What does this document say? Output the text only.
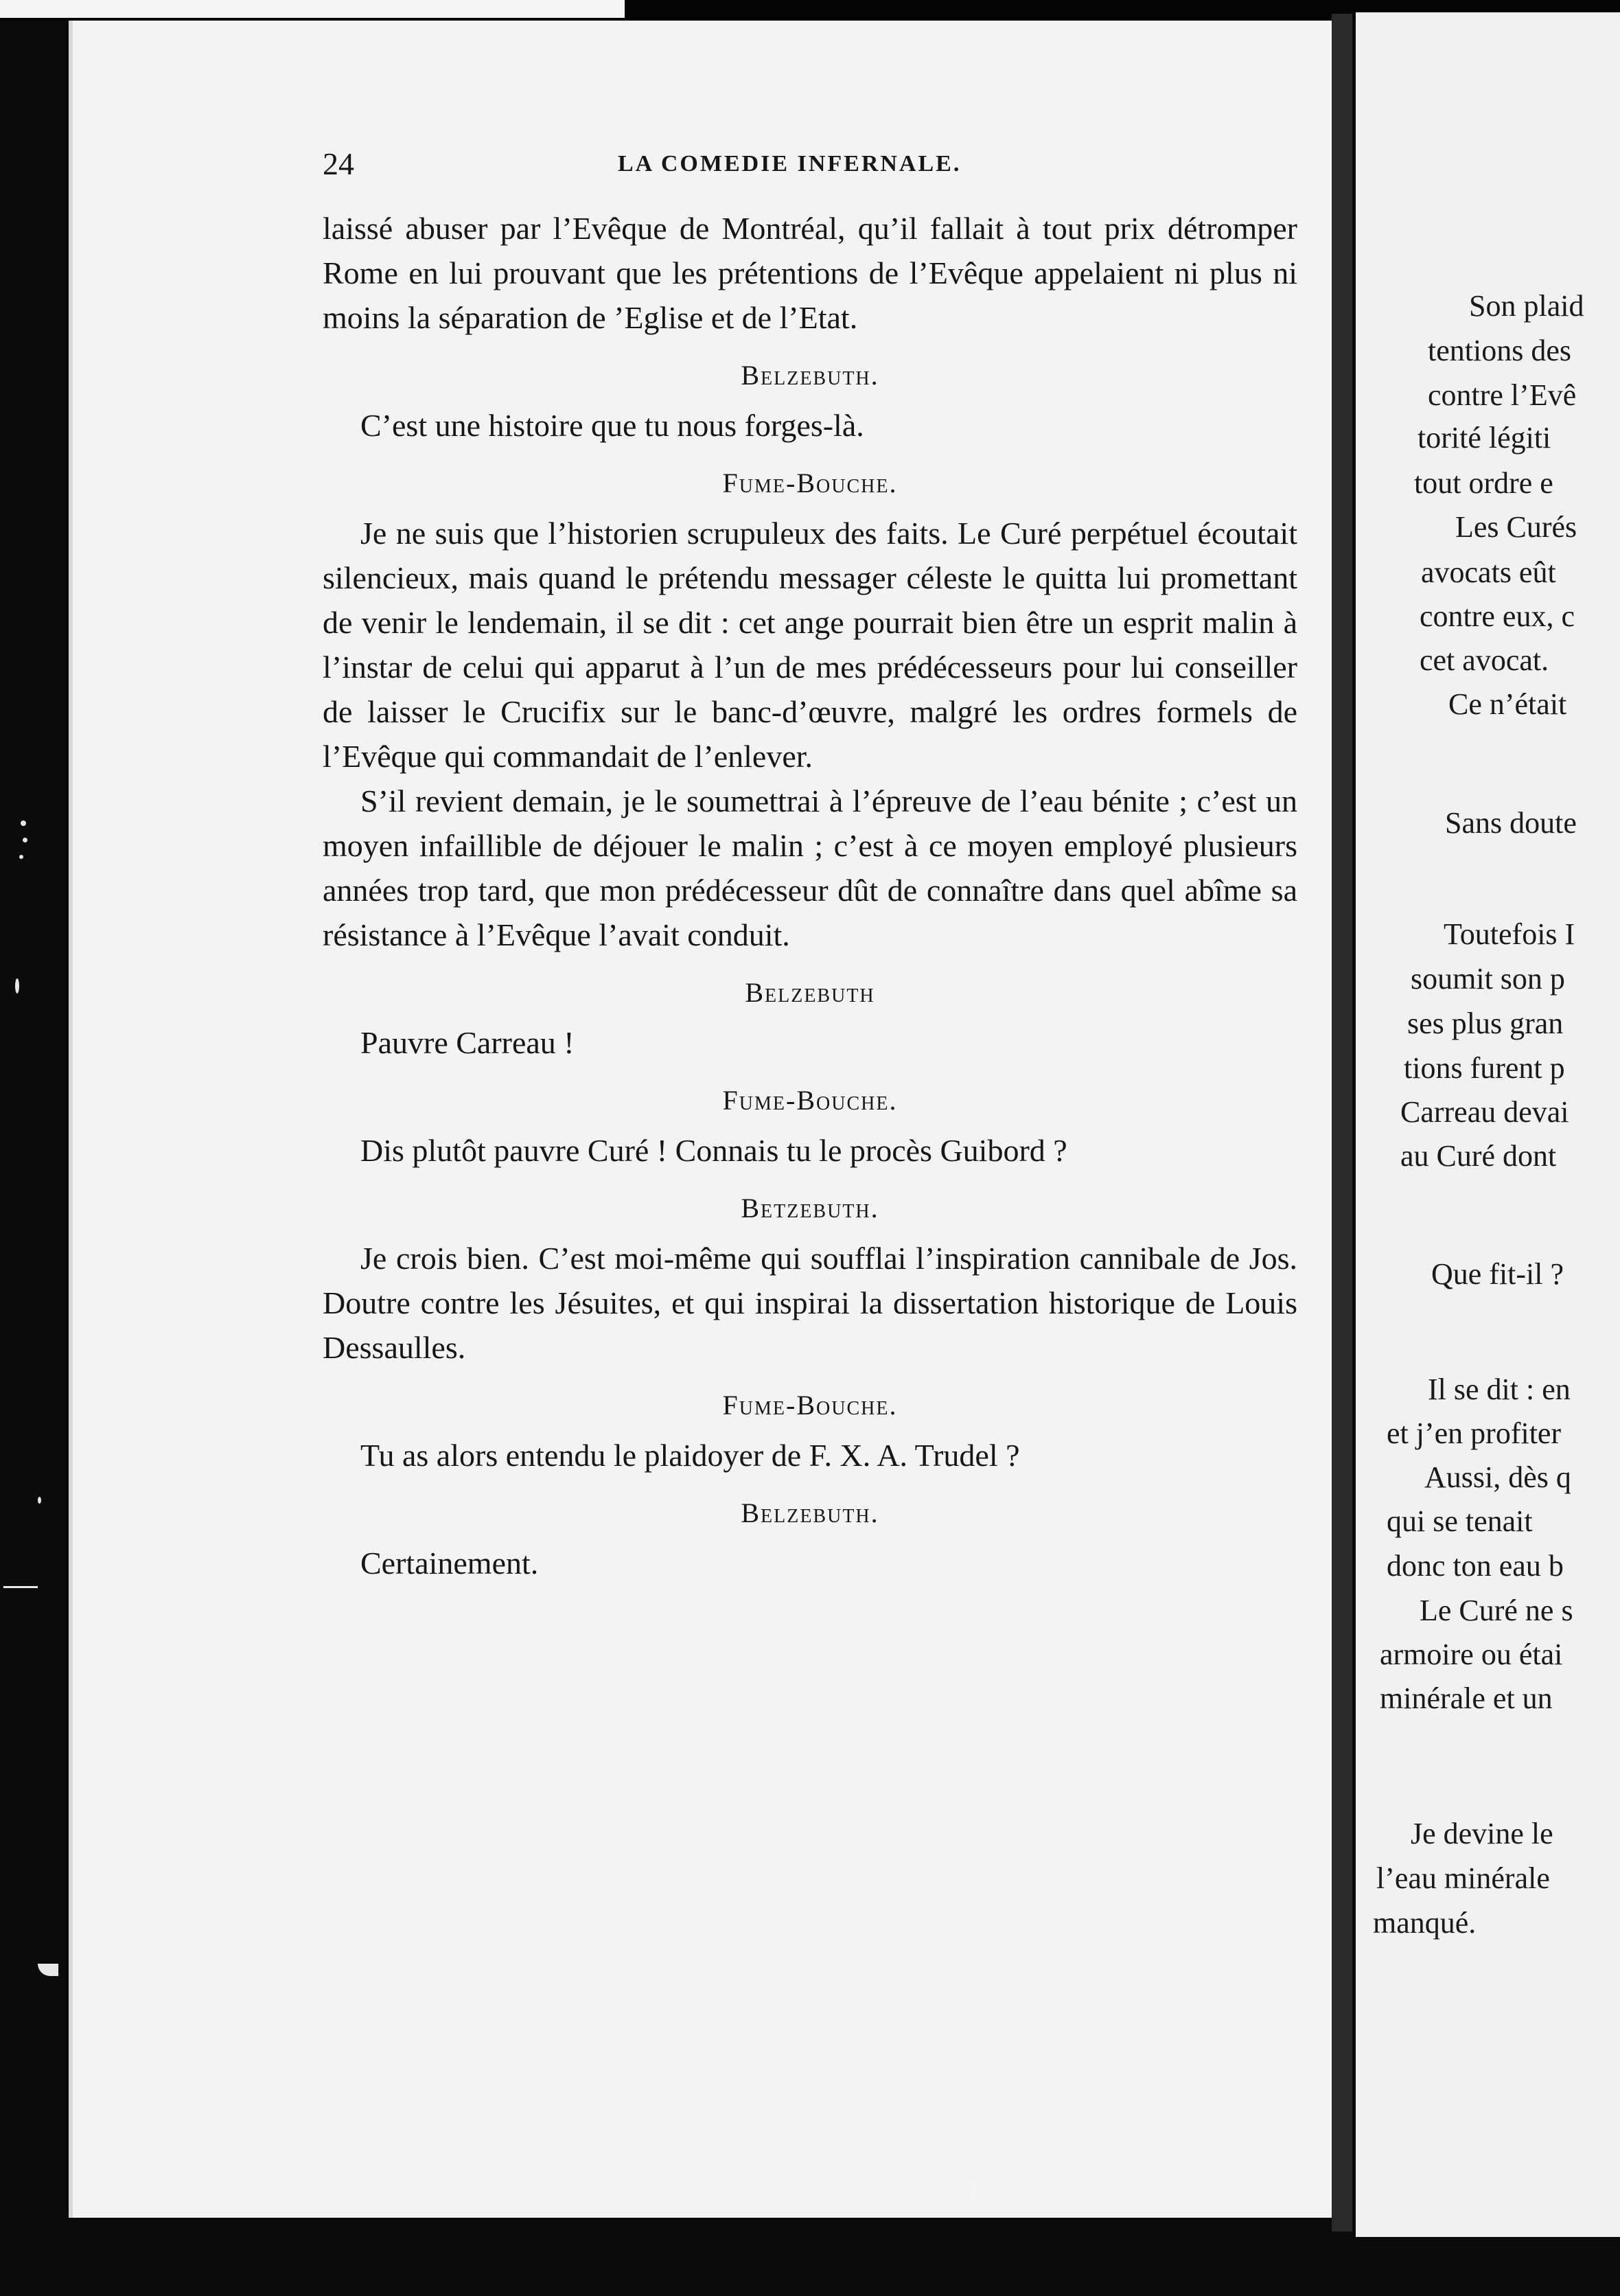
24	LA COMEDIE INFERNALE.

laissé abuser par l’Evêque de Montréal, qu’il fallait à tout prix détromper Rome en lui prouvant que les prétentions de l’Evêque appelaient ni plus ni moins la séparation de ’Eglise et de l’Etat.

Belzebuth.

C’est une histoire que tu nous forges-là.

Fume-Bouche.

Je ne suis que l’historien scrupuleux des faits. Le Curé perpétuel écoutait silencieux, mais quand le prétendu messager céleste le quitta lui promettant de venir le lendemain, il se dit : cet ange pourrait bien être un esprit malin à l’instar de celui qui apparut à l’un de mes prédécesseurs pour lui conseiller de laisser le Crucifix sur le banc-d’œuvre, malgré les ordres formels de l’Evêque qui commandait de l’enlever.

S’il revient demain, je le soumettrai à l’épreuve de l’eau bénite ; c’est un moyen infaillible de déjouer le malin ; c’est à ce moyen employé plusieurs années trop tard, que mon prédécesseur dût de connaître dans quel abîme sa résistance à l’Evêque l’avait conduit.

Belzebuth

Pauvre Carreau !

Fume-Bouche.

Dis plutôt pauvre Curé ! Connais tu le procès Guibord ?

Betzebuth.

Je crois bien. C’est moi-même qui soufflai l’inspiration cannibale de Jos. Doutre contre les Jésuites, et qui inspirai la dissertation historique de Louis Dessaulles.

Fume-Bouche.

Tu as alors entendu le plaidoyer de F. X. A. Trudel ?

Belzebuth.

Certainement.

Son plaid
tentions des
contre l’Evê
torité légiti
tout ordre e
Les Curés
avocats eût
contre eux, c
cet avocat.
Ce n’était
Sans doute
Toutefois I
soumit son p
ses plus gran
tions furent p
Carreau devai
au Curé dont
Que fit-il ?
Il se dit : en
et j’en profiter
Aussi, dès q
qui se tenait
donc ton eau b
Le Curé ne s
armoire ou étai
minérale et un
Je devine le
l’eau minérale
manqué.
